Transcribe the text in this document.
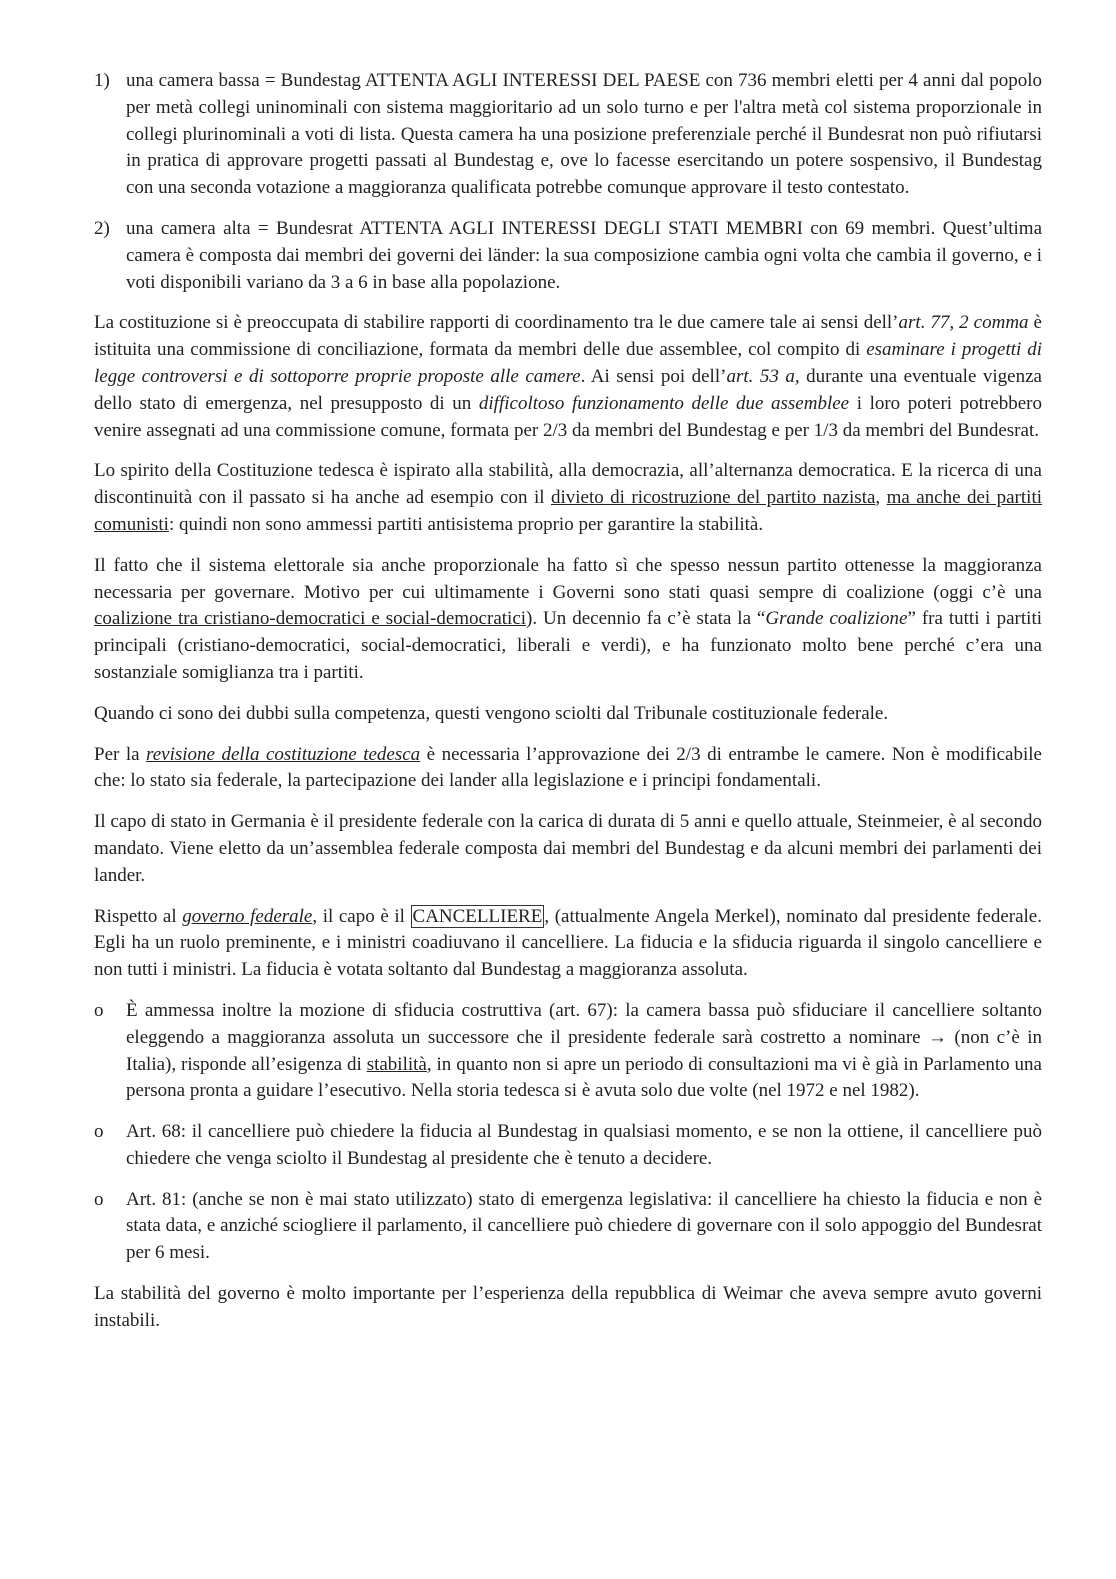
1) una camera bassa = Bundestag ATTENTA AGLI INTERESSI DEL PAESE con 736 membri eletti per 4 anni dal popolo per metà collegi uninominali con sistema maggioritario ad un solo turno e per l'altra metà col sistema proporzionale in collegi plurinominali a voti di lista. Questa camera ha una posizione preferenziale perché il Bundesrat non può rifiutarsi in pratica di approvare progetti passati al Bundestag e, ove lo facesse esercitando un potere sospensivo, il Bundestag con una seconda votazione a maggioranza qualificata potrebbe comunque approvare il testo contestato.
2) una camera alta = Bundesrat ATTENTA AGLI INTERESSI DEGLI STATI MEMBRI con 69 membri. Quest’ultima camera è composta dai membri dei governi dei länder: la sua composizione cambia ogni volta che cambia il governo, e i voti disponibili variano da 3 a 6 in base alla popolazione.
La costituzione si è preoccupata di stabilire rapporti di coordinamento tra le due camere tale ai sensi dell’art. 77, 2 comma è istituita una commissione di conciliazione, formata da membri delle due assemblee, col compito di esaminare i progetti di legge controversi e di sottoporre proprie proposte alle camere. Ai sensi poi dell’art. 53 a, durante una eventuale vigenza dello stato di emergenza, nel presupposto di un difficoltoso funzionamento delle due assemblee i loro poteri potrebbero venire assegnati ad una commissione comune, formata per 2/3 da membri del Bundestag e per 1/3 da membri del Bundesrat.
Lo spirito della Costituzione tedesca è ispirato alla stabilità, alla democrazia, all’alternanza democratica. E la ricerca di una discontinuità con il passato si ha anche ad esempio con il divieto di ricostruzione del partito nazista, ma anche dei partiti comunisti: quindi non sono ammessi partiti antisistema proprio per garantire la stabilità.
Il fatto che il sistema elettorale sia anche proporzionale ha fatto sì che spesso nessun partito ottenesse la maggioranza necessaria per governare. Motivo per cui ultimamente i Governi sono stati quasi sempre di coalizione (oggi c’è una coalizione tra cristiano-democratici e social-democratici). Un decennio fa c’è stata la “Grande coalizione” fra tutti i partiti principali (cristiano-democratici, social-democratici, liberali e verdi), e ha funzionato molto bene perché c’era una sostanziale somiglianza tra i partiti.
Quando ci sono dei dubbi sulla competenza, questi vengono sciolti dal Tribunale costituzionale federale.
Per la revisione della costituzione tedesca è necessaria l’approvazione dei 2/3 di entrambe le camere. Non è modificabile che: lo stato sia federale, la partecipazione dei lander alla legislazione e i principi fondamentali.
Il capo di stato in Germania è il presidente federale con la carica di durata di 5 anni e quello attuale, Steinmeier, è al secondo mandato. Viene eletto da un’assemblea federale composta dai membri del Bundestag e da alcuni membri dei parlamenti dei lander.
Rispetto al governo federale, il capo è il CANCELLIERE , (attualmente Angela Merkel), nominato dal presidente federale. Egli ha un ruolo preminente, e i ministri coadiuvano il cancelliere. La fiducia e la sfiducia riguarda il singolo cancelliere e non tutti i ministri. La fiducia è votata soltanto dal Bundestag a maggioranza assoluta.
o È ammessa inoltre la mozione di sfiducia costruttiva (art. 67): la camera bassa può sfiduciare il cancelliere soltanto eleggendo a maggioranza assoluta un successore che il presidente federale sarà costretto a nominare → (non c’è in Italia), risponde all’esigenza di stabilità, in quanto non si apre un periodo di consultazioni ma vi è già in Parlamento una persona pronta a guidare l’esecutivo. Nella storia tedesca si è avuta solo due volte (nel 1972 e nel 1982).
o Art. 68: il cancelliere può chiedere la fiducia al Bundestag in qualsiasi momento, e se non la ottiene, il cancelliere può chiedere che venga sciolto il Bundestag al presidente che è tenuto a decidere.
o Art. 81: (anche se non è mai stato utilizzato) stato di emergenza legislativa: il cancelliere ha chiesto la fiducia e non è stata data, e anziché sciogliere il parlamento, il cancelliere può chiedere di governare con il solo appoggio del Bundesrat per 6 mesi.
La stabilità del governo è molto importante per l’esperienza della repubblica di Weimar che aveva sempre avuto governi instabili.
